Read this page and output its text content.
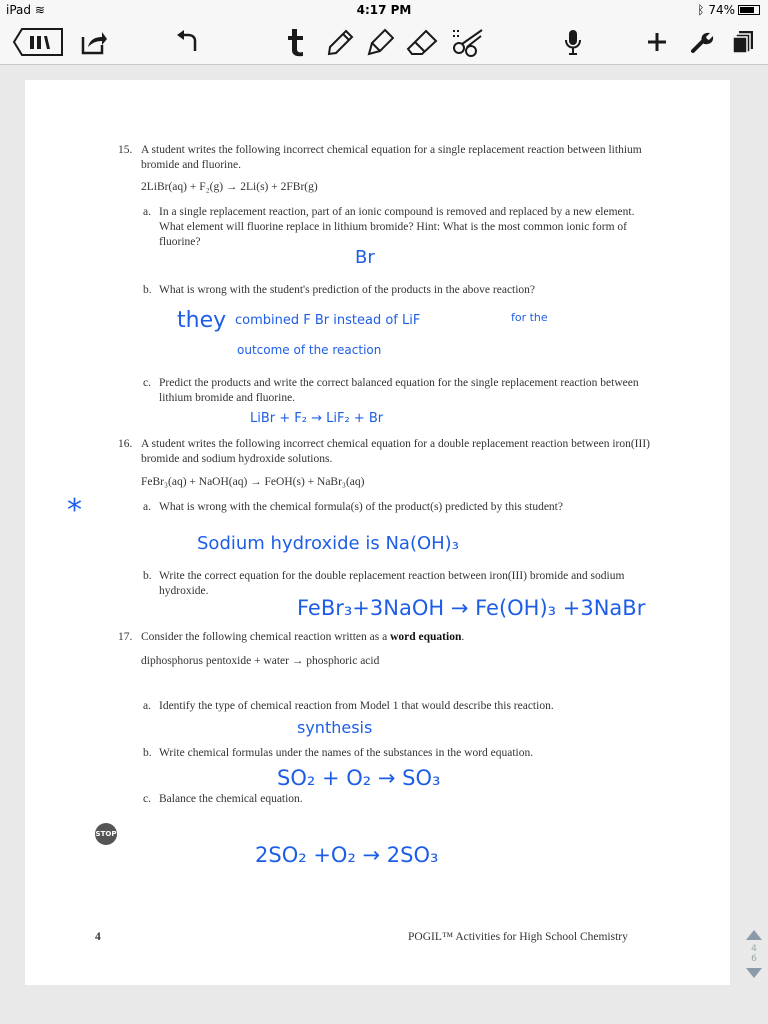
iPad ≋	4:17 PM	ᛒ 74%
15. A student writes the following incorrect chemical equation for a single replacement reaction between lithium bromide and fluorine.
2LiBr(aq) + F₂(g) → 2Li(s) + 2FBr(g)
a. In a single replacement reaction, part of an ionic compound is removed and replaced by a new element. What element will fluorine replace in lithium bromide? Hint: What is the most common ionic form of fluorine?
b. What is wrong with the student's prediction of the products in the above reaction?
c. Predict the products and write the correct balanced equation for the single replacement reaction between lithium bromide and fluorine.
16. A student writes the following incorrect chemical equation for a double replacement reaction between iron(III) bromide and sodium hydroxide solutions.
FeBr₃(aq) + NaOH(aq) → FeOH(s) + NaBr₃(aq)
a. What is wrong with the chemical formula(s) of the product(s) predicted by this student?
b. Write the correct equation for the double replacement reaction between iron(III) bromide and sodium hydroxide.
17. Consider the following chemical reaction written as a word equation.
diphosphorus pentoxide + water → phosphoric acid
a. Identify the type of chemical reaction from Model 1 that would describe this reaction.
b. Write chemical formulas under the names of the substances in the word equation.
c. Balance the chemical equation.
STOP
4	POGIL™ Activities for High School Chemistry
Br
they combined F Br instead of LiF	for the
outcome of the reaction
LiBr + F₂ → LiF₂ + Br
*
Sodium hydroxide is Na(OH)₃
FeBr₃+3NaOH → Fe(OH)₃ +3NaBr
synthesis
SO₂ + O₂ → SO₃
2SO₂ +O₂ → 2SO₃
4
6
